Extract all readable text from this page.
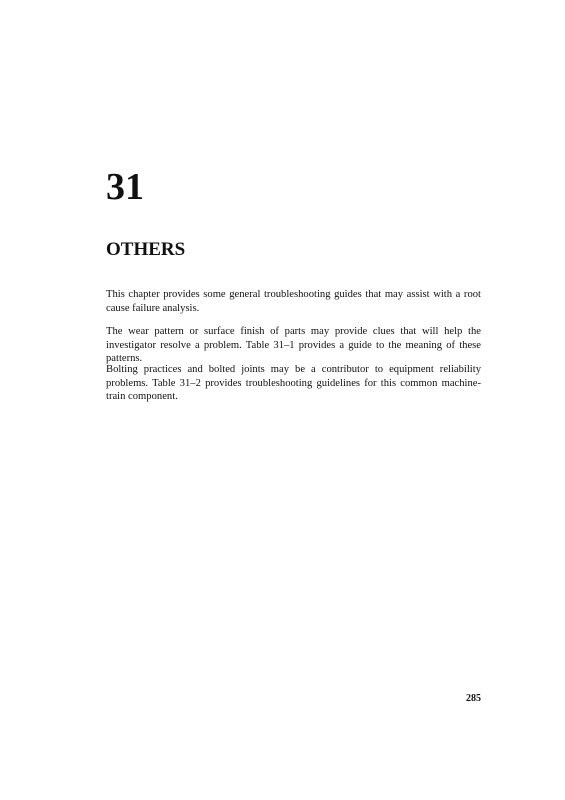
31
OTHERS

This chapter provides some general troubleshooting guides that may assist with a root cause failure analysis.

The wear pattern or surface finish of parts may provide clues that will help the investigator resolve a problem. Table 31–1 provides a guide to the meaning of these patterns.

Bolting practices and bolted joints may be a contributor to equipment reliability problems. Table 31–2 provides troubleshooting guidelines for this common machine-train component.

285
